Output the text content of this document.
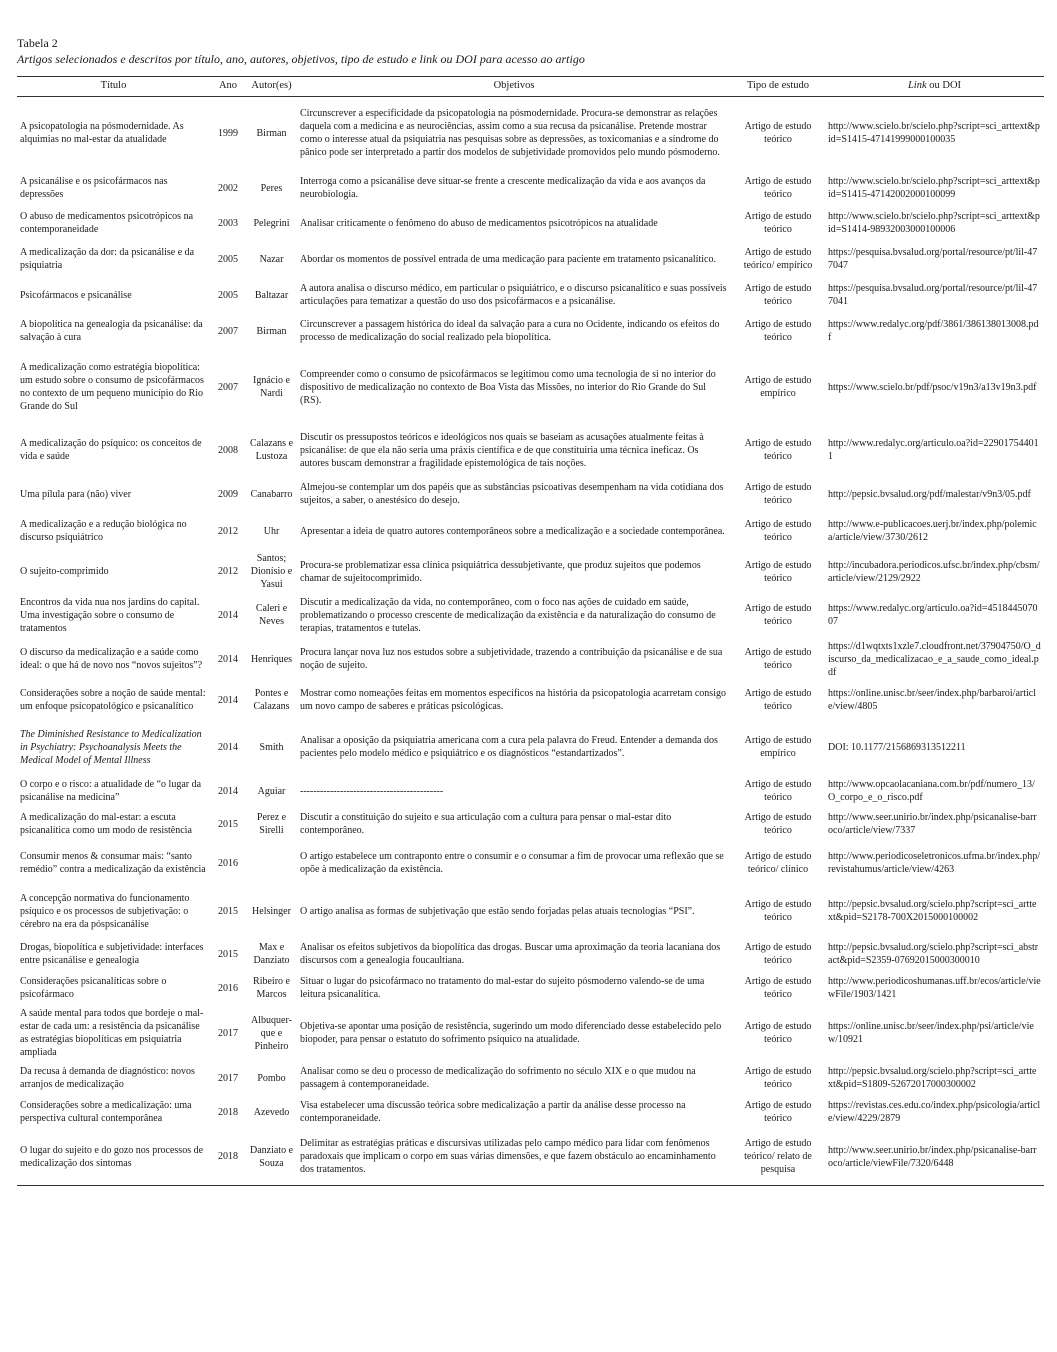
Tabela 2
Artigos selecionados e descritos por título, ano, autores, objetivos, tipo de estudo e link ou DOI para acesso ao artigo
Título	Ano	Autor(es)	Objetivos	Tipo de estudo	Link ou DOI
A psicopatologia na pósmodernidade. As alquimias no mal-estar da atualidade	1999	Birman	Circunscrever a especificidade da psicopatologia na pósmodernidade. Procura-se demonstrar as relações daquela com a medicina e as neurociências, assim como a sua recusa da psicanálise. Pretende mostrar como o interesse atual da psiquiatria nas pesquisas sobre as depressões, as toxicomanias e a síndrome do pânico pode ser interpretado a partir dos modelos de subjetividade promovidos pelo mundo pósmoderno.	Artigo de estudo teórico	http://www.scielo.br/scielo.php?script=sci_arttext&pid=S1415-47141999000100035
A psicanálise e os psicofármacos nas depressões	2002	Peres	Interroga como a psicanálise deve situar-se frente a crescente medicalização da vida e aos avanços da neurobiologia.	Artigo de estudo teórico	http://www.scielo.br/scielo.php?script=sci_arttext&pid=S1415-47142002000100099
O abuso de medicamentos psicotrópicos na contemporaneidade	2003	Pelegrini	Analisar criticamente o fenômeno do abuso de medicamentos psicotrópicos na atualidade	Artigo de estudo teórico	http://www.scielo.br/scielo.php?script=sci_arttext&pid=S1414-98932003000100006
A medicalização da dor: da psicanálise e da psiquiatria	2005	Nazar	Abordar os momentos de possível entrada de uma medicação para paciente em tratamento psicanalítico.	Artigo de estudo teórico/ empírico	https://pesquisa.bvsalud.org/portal/resource/pt/lil-477047
Psicofármacos e psicanálise	2005	Baltazar	A autora analisa o discurso médico, em particular o psiquiátrico, e o discurso psicanalítico e suas possíveis articulações para tematizar a questão do uso dos psicofármacos e a psicanálise.	Artigo de estudo teórico	https://pesquisa.bvsalud.org/portal/resource/pt/lil-477041
A biopolítica na genealogia da psicanálise: da salvação à cura	2007	Birman	Circunscrever a passagem histórica do ideal da salvação para a cura no Ocidente, indicando os efeitos do processo de medicalização do social realizado pela biopolítica.	Artigo de estudo teórico	https://www.redalyc.org/pdf/3861/386138013008.pdf
A medicalização como estratégia biopolítica: um estudo sobre o consumo de psicofármacos no contexto de um pequeno município do Rio Grande do Sul	2007	Ignácio e Nardi	Compreender como o consumo de psicofármacos se legitimou como uma tecnologia de si no interior do dispositivo de medicalização no contexto de Boa Vista das Missões, no interior do Rio Grande do Sul (RS).	Artigo de estudo empírico	https://www.scielo.br/pdf/psoc/v19n3/a13v19n3.pdf
A medicalização do psíquico: os conceitos de vida e saúde	2008	Calazans e Lustoza	Discutir os pressupostos teóricos e ideológicos nos quais se baseiam as acusações atualmente feitas à psicanálise: de que ela não seria uma práxis científica e de que constituiria uma técnica ineficaz. Os autores buscam demonstrar a fragilidade epistemológica de tais noções.	Artigo de estudo teórico	http://www.redalyc.org/articulo.oa?id=229017544011
Uma pílula para (não) viver	2009	Canabarro	Almejou-se contemplar um dos papéis que as substâncias psicoativas desempenham na vida cotidiana dos sujeitos, a saber, o anestésico do desejo.	Artigo de estudo teórico	http://pepsic.bvsalud.org/pdf/malestar/v9n3/05.pdf
A medicalização e a redução biológica no discurso psiquiátrico	2012	Uhr	Apresentar a ideia de quatro autores contemporâneos sobre a medicalização e a sociedade contemporânea.	Artigo de estudo teórico	http://www.e-publicacoes.uerj.br/index.php/polemica/article/view/3730/2612
O sujeito-comprimido	2012	Santos; Dionísio e Yasui	Procura-se problematizar essa clínica psiquiátrica dessubjetivante, que produz sujeitos que podemos chamar de sujeitocomprimido.	Artigo de estudo teórico	http://incubadora.periodicos.ufsc.br/index.php/cbsm/article/view/2129/2922
Encontros da vida nua nos jardins do capital. Uma investigação sobre o consumo de tratamentos	2014	Caleri e Neves	Discutir a medicalização da vida, no contemporâneo, com o foco nas ações de cuidado em saúde, problematizando o processo crescente de medicalização da existência e da naturalização do consumo de terapias, tratamentos e tutelas.	Artigo de estudo teórico	https://www.redalyc.org/articulo.oa?id=451844507007
O discurso da medicalização e a saúde como ideal: o que há de novo nos “novos sujeitos”?	2014	Henriques	Procura lançar nova luz nos estudos sobre a subjetividade, trazendo a contribuição da psicanálise e de sua noção de sujeito.	Artigo de estudo teórico	https://d1wqtxts1xzle7.cloudfront.net/37904750/O_discurso_da_medicalizacao_e_a_saude_como_ideal.pdf
Considerações sobre a noção de saúde mental: um enfoque psicopatológico e psicanalítico	2014	Pontes e Calazans	Mostrar como nomeações feitas em momentos específicos na história da psicopatologia acarretam consigo um novo campo de saberes e práticas psicológicas.	Artigo de estudo teórico	https://online.unisc.br/seer/index.php/barbaroi/article/view/4805
The Diminished Resistance to Medicalization in Psychiatry: Psychoanalysis Meets the Medical Model of Mental Illness	2014	Smith	Analisar a oposição da psiquiatria americana com a cura pela palavra do Freud. Entender a demanda dos pacientes pelo modelo médico e psiquiátrico e os diagnósticos “estandartizados”.	Artigo de estudo empírico	DOI: 10.1177/2156869313512211
O corpo e o risco: a atualidade de “o lugar da psicanálise na medicina”	2014	Aguiar	-------------------------------------------	Artigo de estudo teórico	http://www.opcaolacaniana.com.br/pdf/numero_13/O_corpo_e_o_risco.pdf
A medicalização do mal-estar: a escuta psicanalítica como um modo de resistência	2015	Perez e Sirelli	Discutir a constituição do sujeito e sua articulação com a cultura para pensar o mal-estar dito contemporâneo.	Artigo de estudo teórico	http://www.seer.unirio.br/index.php/psicanalise-barroco/article/view/7337
Consumir menos & consumar mais: “santo remédio” contra a medicalização da existência	2016		O artigo estabelece um contraponto entre o consumir e o consumar a fim de provocar uma reflexão que se opõe à medicalização da existência.	Artigo de estudo teórico/ clínico	http://www.periodicoseletronicos.ufma.br/index.php/revistahumus/article/view/4263
A concepção normativa do funcionamento psíquico e os processos de subjetivação: o cérebro na era da póspsicanálise	2015	Helsinger	O artigo analisa as formas de subjetivação que estão sendo forjadas pelas atuais tecnologias “PSI”.	Artigo de estudo teórico	http://pepsic.bvsalud.org/scielo.php?script=sci_arttext&pid=S2178-700X2015000100002
Drogas, biopolítica e subjetividade: interfaces entre psicanálise e genealogia	2015	Max e Danziato	Analisar os efeitos subjetivos da biopolítica das drogas. Buscar uma aproximação da teoria lacaniana dos discursos com a genealogia foucaultiana.	Artigo de estudo teórico	http://pepsic.bvsalud.org/scielo.php?script=sci_abstract&pid=S2359-07692015000300010
Considerações psicanalíticas sobre o psicofármaco	2016	Ribeiro e Marcos	Situar o lugar do psicofármaco no tratamento do mal-estar do sujeito pósmoderno valendo-se de uma leitura psicanalítica.	Artigo de estudo teórico	http://www.periodicoshumanas.uff.br/ecos/article/viewFile/1903/1421
A saúde mental para todos que bordeje o mal-estar de cada um: a resistência da psicanálise as estratégias biopolíticas em psiquiatria ampliada	2017	Albuquer-que e Pinheiro	Objetiva-se apontar uma posição de resistência, sugerindo um modo diferenciado desse estabelecido pelo biopoder, para pensar o estatuto do sofrimento psíquico na atualidade.	Artigo de estudo teórico	https://online.unisc.br/seer/index.php/psi/article/view/10921
Da recusa à demanda de diagnóstico: novos arranjos de medicalização	2017	Pombo	Analisar como se deu o processo de medicalização do sofrimento no século XIX e o que mudou na passagem à contemporaneidade.	Artigo de estudo teórico	http://pepsic.bvsalud.org/scielo.php?script=sci_arttext&pid=S1809-52672017000300002
Considerações sobre a medicalização: uma perspectiva cultural contemporânea	2018	Azevedo	Visa estabelecer uma discussão teórica sobre medicalização a partir da análise desse processo na contemporaneidade.	Artigo de estudo teórico	https://revistas.ces.edu.co/index.php/psicologia/article/view/4229/2879
O lugar do sujeito e do gozo nos processos de medicalização dos sintomas	2018	Danziato e Souza	Delimitar as estratégias práticas e discursivas utilizadas pelo campo médico para lidar com fenômenos paradoxais que implicam o corpo em suas várias dimensões, e que fazem obstáculo ao encaminhamento dos tratamentos.	Artigo de estudo teórico/ relato de pesquisa	http://www.seer.unirio.br/index.php/psicanalise-barroco/article/viewFile/7320/6448
